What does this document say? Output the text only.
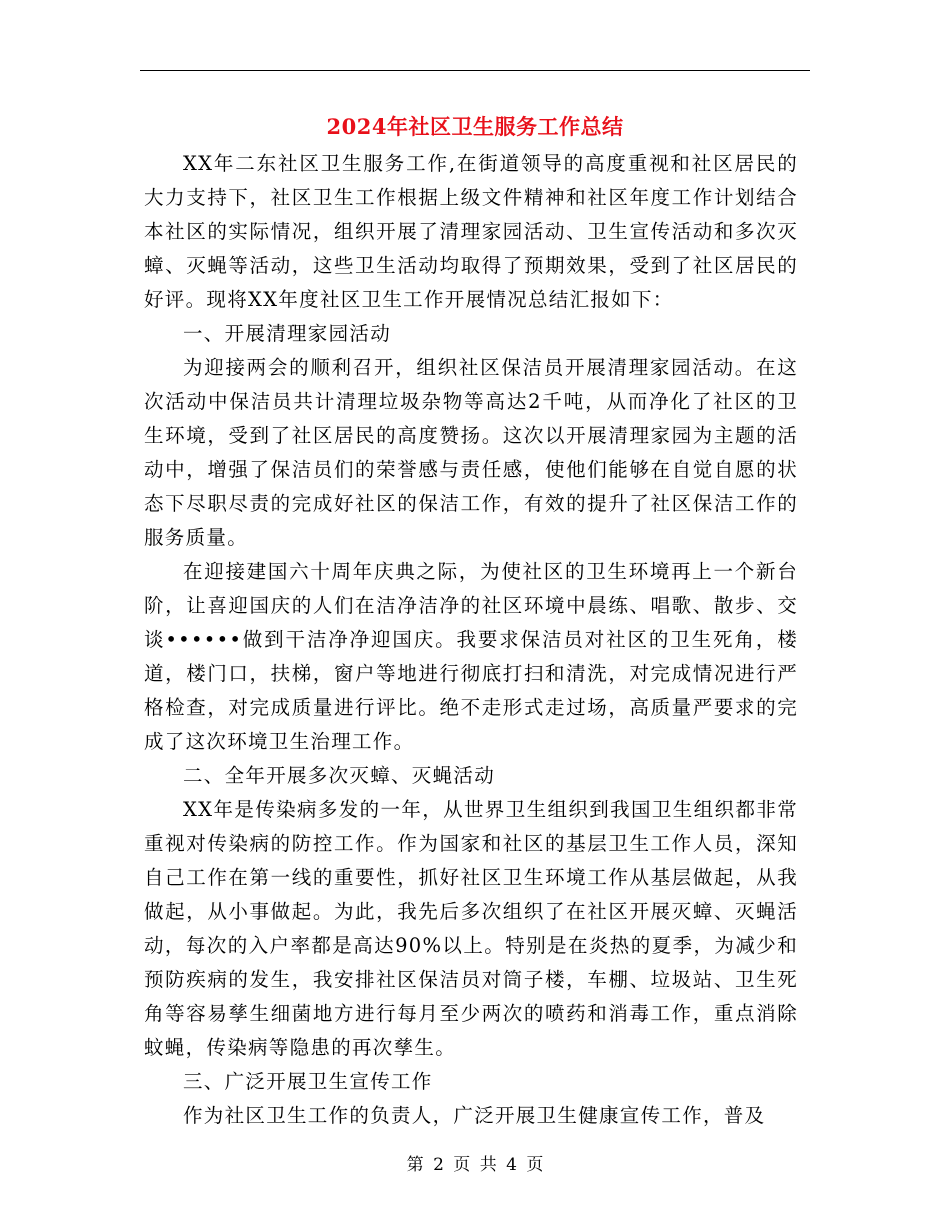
2024年社区卫生服务工作总结

XX年二东社区卫生服务工作,在街道领导的高度重视和社区居民的大力支持下，社区卫生工作根据上级文件精神和社区年度工作计划结合本社区的实际情况，组织开展了清理家园活动、卫生宣传活动和多次灭蟑、灭蝇等活动，这些卫生活动均取得了预期效果，受到了社区居民的好评。现将XX年度社区卫生工作开展情况总结汇报如下：

一、开展清理家园活动

为迎接两会的顺利召开，组织社区保洁员开展清理家园活动。在这次活动中保洁员共计清理垃圾杂物等高达2千吨，从而净化了社区的卫生环境，受到了社区居民的高度赞扬。这次以开展清理家园为主题的活动中，增强了保洁员们的荣誉感与责任感，使他们能够在自觉自愿的状态下尽职尽责的完成好社区的保洁工作，有效的提升了社区保洁工作的服务质量。

在迎接建国六十周年庆典之际，为使社区的卫生环境再上一个新台阶，让喜迎国庆的人们在洁净洁净的社区环境中晨练、唱歌、散步、交谈••••••做到干洁净净迎国庆。我要求保洁员对社区的卫生死角，楼道，楼门口，扶梯，窗户等地进行彻底打扫和清洗，对完成情况进行严格检查，对完成质量进行评比。绝不走形式走过场，高质量严要求的完成了这次环境卫生治理工作。

二、全年开展多次灭蟑、灭蝇活动

XX年是传染病多发的一年，从世界卫生组织到我国卫生组织都非常重视对传染病的防控工作。作为国家和社区的基层卫生工作人员，深知自己工作在第一线的重要性，抓好社区卫生环境工作从基层做起，从我做起，从小事做起。为此，我先后多次组织了在社区开展灭蟑、灭蝇活动，每次的入户率都是高达90%以上。特别是在炎热的夏季，为减少和预防疾病的发生，我安排社区保洁员对筒子楼，车棚、垃圾站、卫生死角等容易孳生细菌地方进行每月至少两次的喷药和消毒工作，重点消除蚊蝇，传染病等隐患的再次孳生。

三、广泛开展卫生宣传工作

作为社区卫生工作的负责人，广泛开展卫生健康宣传工作，普及

第 2 页 共 4 页
